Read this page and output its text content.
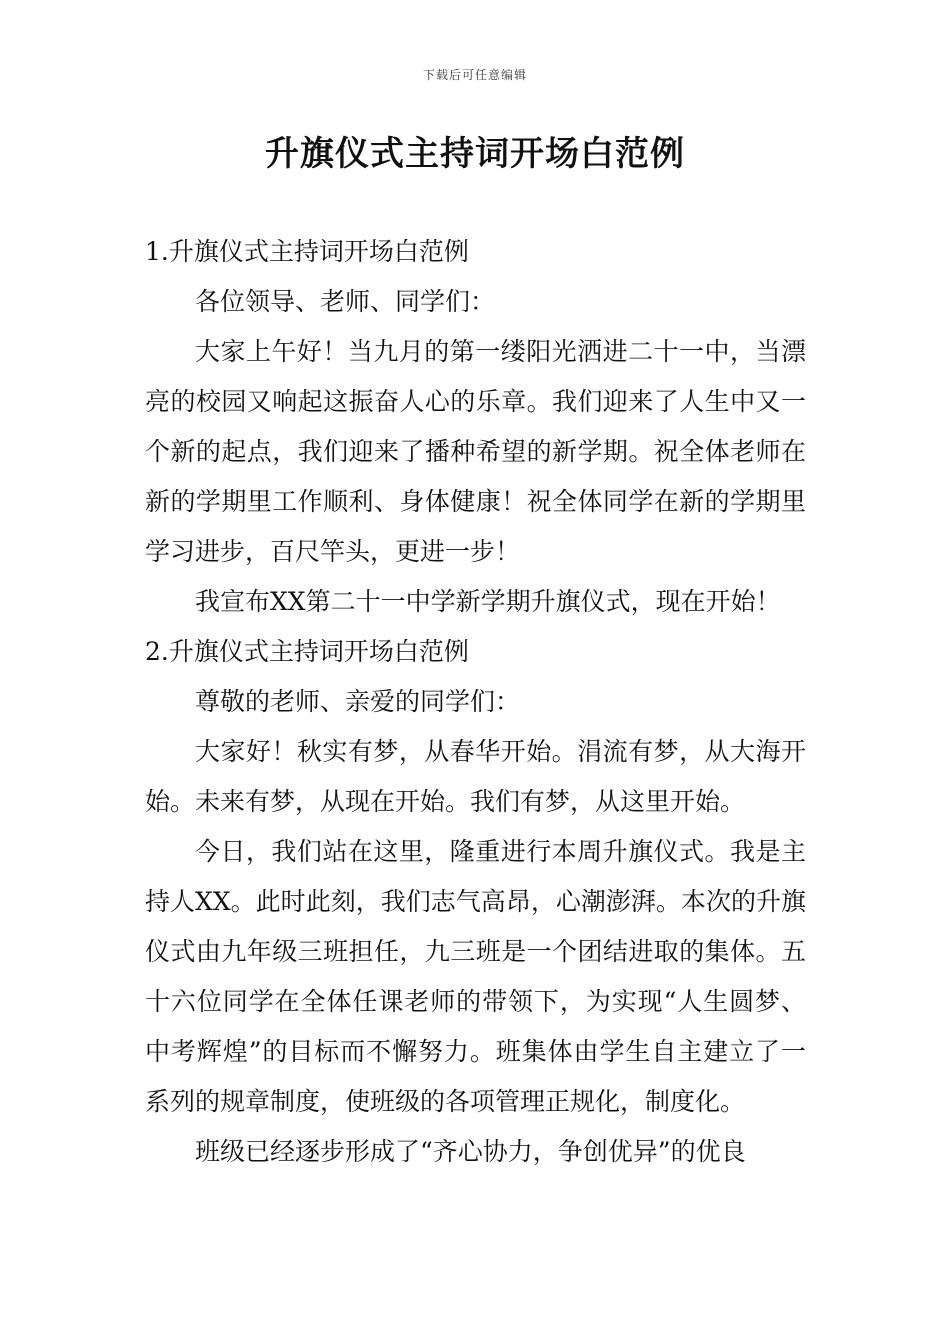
下载后可任意编辑
升旗仪式主持词开场白范例

1.升旗仪式主持词开场白范例

各位领导、老师、同学们：

大家上午好！当九月的第一缕阳光洒进二十一中，当漂亮的校园又响起这振奋人心的乐章。我们迎来了人生中又一个新的起点，我们迎来了播种希望的新学期。祝全体老师在新的学期里工作顺利、身体健康！祝全体同学在新的学期里学习进步，百尺竿头，更进一步！

我宣布XX第二十一中学新学期升旗仪式，现在开始！

2.升旗仪式主持词开场白范例

尊敬的老师、亲爱的同学们：

大家好！秋实有梦，从春华开始。涓流有梦，从大海开始。未来有梦，从现在开始。我们有梦，从这里开始。

今日，我们站在这里，隆重进行本周升旗仪式。我是主持人XX。此时此刻，我们志气高昂，心潮澎湃。本次的升旗仪式由九年级三班担任，九三班是一个团结进取的集体。五十六位同学在全体任课老师的带领下，为实现“人生圆梦、中考辉煌”的目标而不懈努力。班集体由学生自主建立了一系列的规章制度，使班级的各项管理正规化，制度化。

班级已经逐步形成了“齐心协力，争创优异”的优良
